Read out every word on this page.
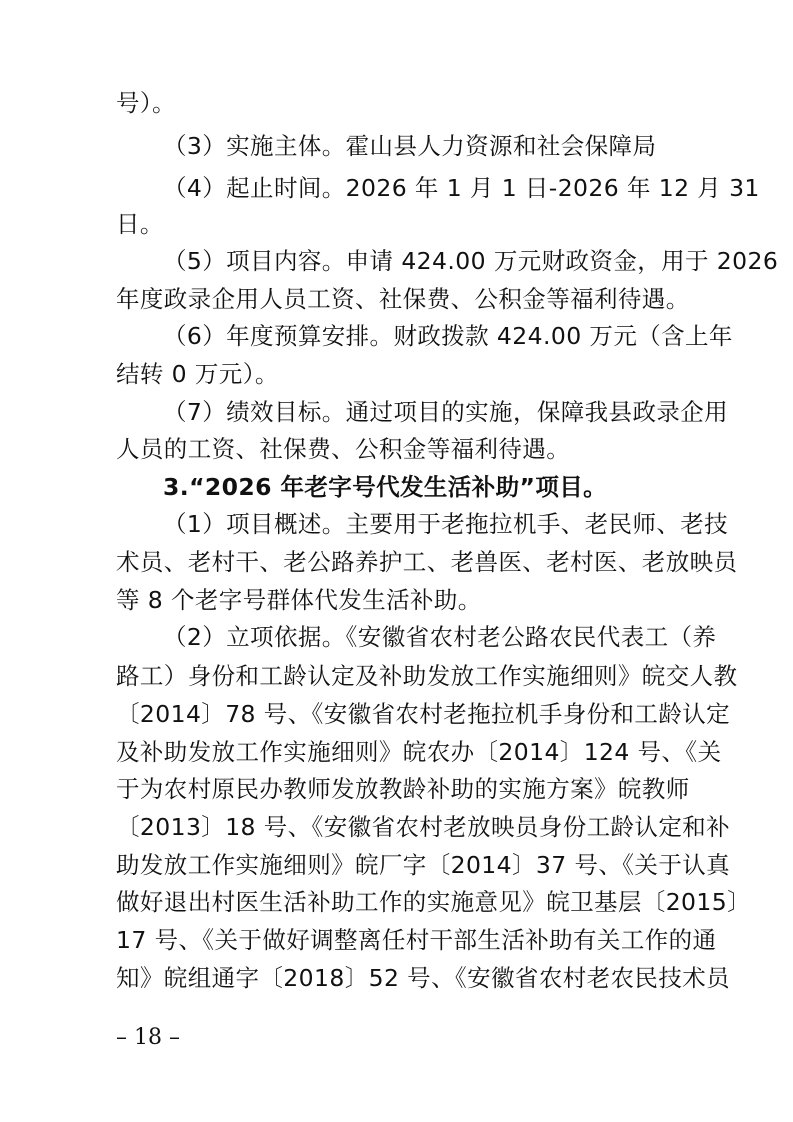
号）。
（3）实施主体。霍山县人力资源和社会保障局
（4）起止时间。2026 年 1 月 1 日-2026 年 12 月 31
日。
（5）项目内容。申请 424.00 万元财政资金，用于 2026
年度政录企用人员工资、社保费、公积金等福利待遇。
（6）年度预算安排。财政拨款 424.00 万元（含上年
结转 0 万元）。
（7）绩效目标。通过项目的实施，保障我县政录企用
人员的工资、社保费、公积金等福利待遇。
3.“2026 年老字号代发生活补助”项目。
（1）项目概述。主要用于老拖拉机手、老民师、老技
术员、老村干、老公路养护工、老兽医、老村医、老放映员
等 8 个老字号群体代发生活补助。
（2）立项依据。《安徽省农村老公路农民代表工（养
路工）身份和工龄认定及补助发放工作实施细则》皖交人教
〔2014〕78 号、《安徽省农村老拖拉机手身份和工龄认定
及补助发放工作实施细则》皖农办〔2014〕124 号、《关
于为农村原民办教师发放教龄补助的实施方案》皖教师
〔2013〕18 号、《安徽省农村老放映员身份工龄认定和补
助发放工作实施细则》皖厂字〔2014〕37 号、《关于认真
做好退出村医生活补助工作的实施意见》皖卫基层〔2015〕
17 号、《关于做好调整离任村干部生活补助有关工作的通
知》皖组通字〔2018〕52 号、《安徽省农村老农民技术员
– 18 –
